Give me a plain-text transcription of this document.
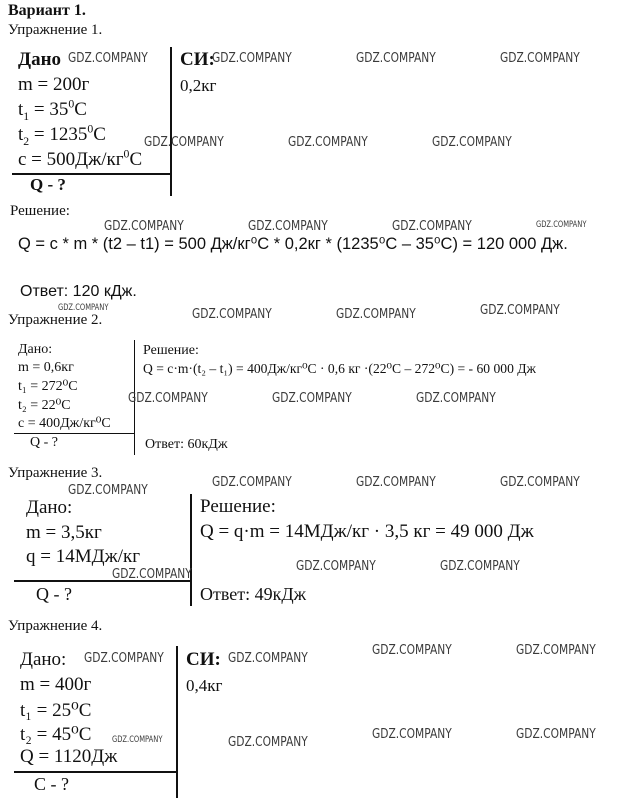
Вариант 1.
Упражнение 1.
Дано
m = 200г
$t_1 = 35^0C$
$t_2 = 1235^0C$
$c = 500Дж/кг^0C$
Q - ?
СИ:
0,2кг
Решение:
Q = c * m * (t2 – t1) = 500 Дж/кг⁰С * 0,2кг * (1235⁰С – 35⁰С) = 120 000 Дж.
Ответ: 120 кДж.
Упражнение 2.
Дано:
m = 0,6кг
t₁ = 272⁰С
t₂ = 22⁰С
c = 400Дж/кг⁰С
Q - ?
Решение:
Q = c·m·(t₂ – t₁) = 400Дж/кг⁰С · 0,6 кг ·(22⁰С – 272⁰С) = - 60 000 Дж
Ответ: 60кДж
Упражнение 3.
Дано:
m = 3,5кг
q = 14МДж/кг
Q - ?
Решение:
Q = q·m = 14МДж/кг · 3,5 кг = 49 000 Дж
Ответ: 49кДж
Упражнение 4.
Дано:
m = 400г
t₁ = 25⁰С
t₂ = 45⁰С
Q = 1120Дж
C - ?
СИ:
0,4кг
GDZ.COMPANY	GDZ.COMPANY	GDZ.COMPANY	GDZ.COMPANY
GDZ.COMPANY	GDZ.COMPANY	GDZ.COMPANY
GDZ.COMPANY	GDZ.COMPANY	GDZ.COMPANY	GDZ.COMPANY
GDZ.COMPANY	GDZ.COMPANY	GDZ.COMPANY	GDZ.COMPANY
GDZ.COMPANY	GDZ.COMPANY	GDZ.COMPANY
GDZ.COMPANY
GDZ.COMPANY	GDZ.COMPANY	GDZ.COMPANY
GDZ.COMPANY
GDZ.COMPANY	GDZ.COMPANY
GDZ.COMPANY	GDZ.COMPANY
GDZ.COMPANY	GDZ.COMPANY
GDZ.COMPANY	GDZ.COMPANY
GDZ.COMPANY	GDZ.COMPANY
